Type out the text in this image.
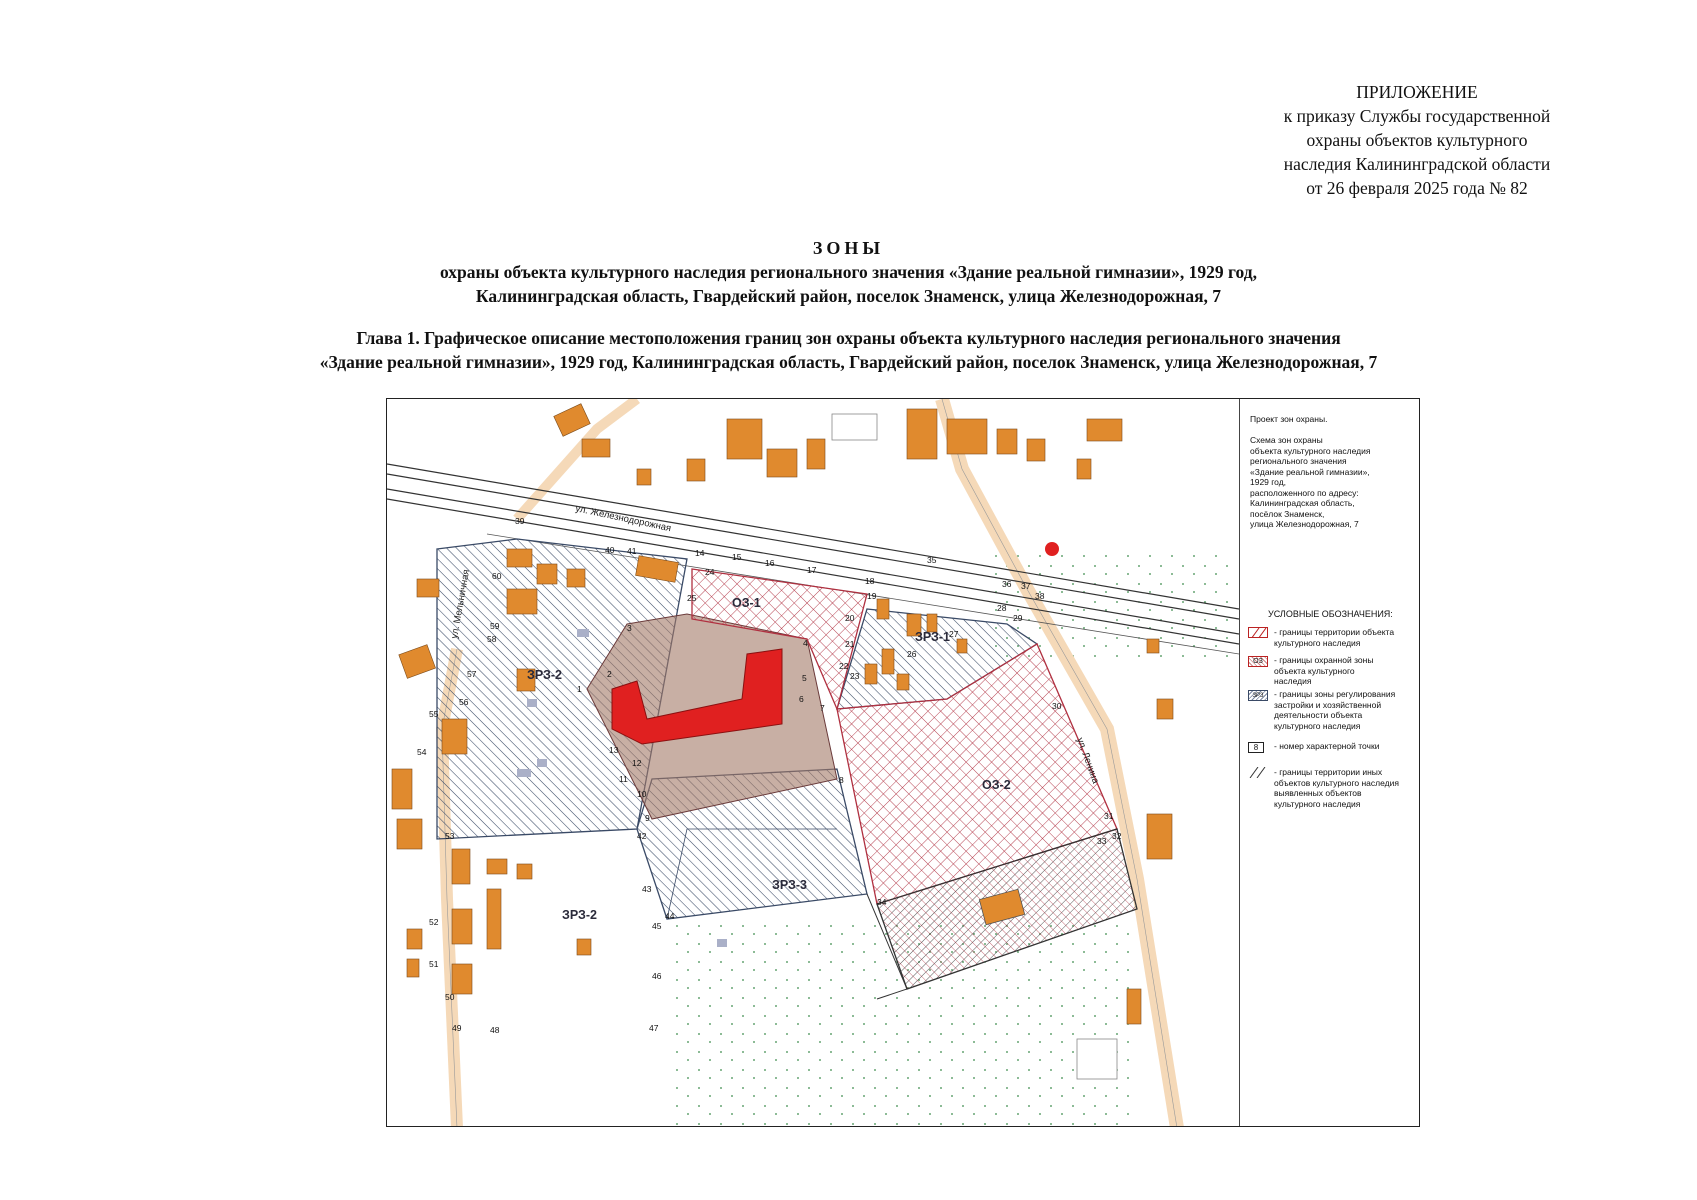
ПРИЛОЖЕНИЕ
к приказу Службы государственной
охраны объектов культурного
наследия Калининградской области
от 26 февраля 2025 года № 82
ЗОНЫ
охраны объекта культурного наследия регионального значения «Здание реальной гимназии», 1929 год,
Калининградская область, Гвардейский район, поселок Знаменск, улица Железнодорожная, 7
Глава 1. Графическое описание местоположения границ зон охраны объекта культурного наследия регионального значения
«Здание реальной гимназии», 1929 год, Калининградская область, Гвардейский район, поселок Знаменск, улица Железнодорожная, 7
ул. Железнодорожная
ул. Мельничная
ул. Ленина
ОЗ-1
ОЗ-2
ЗРЗ-1
ЗРЗ-2
ЗРЗ-2
ЗРЗ-3
1
2
3
4
5
6
7
8
9
10
11
12
13
14	15
16
17
18
19
20
21
22
23
24
25
26
27
28
29
30
31
32
33
34
35
36 37
38
39
40 41
42
43
44
45
46
47
48
49
50
51
52
53
54
55
56
57
58
59
60
Проект зон охраны.
Схема зон охраны
объекта культурного наследия
регионального значения
«Здание реальной гимназии»,
1929 год,
расположенного по адресу:
Калининградская область,
посёлок Знаменск,
улица Железнодорожная, 7
УСЛОВНЫЕ ОБОЗНАЧЕНИЯ:
- границы территории объекта
культурного наследия
ОЗ	- границы охранной зоны
объекта культурного
наследия
ЗРЗ	- границы зоны регулирования
застройки и хозяйственной
деятельности объекта
культурного наследия
8	- номер характерной точки
- границы территории иных
объектов культурного наследия
выявленных объектов
культурного наследия
